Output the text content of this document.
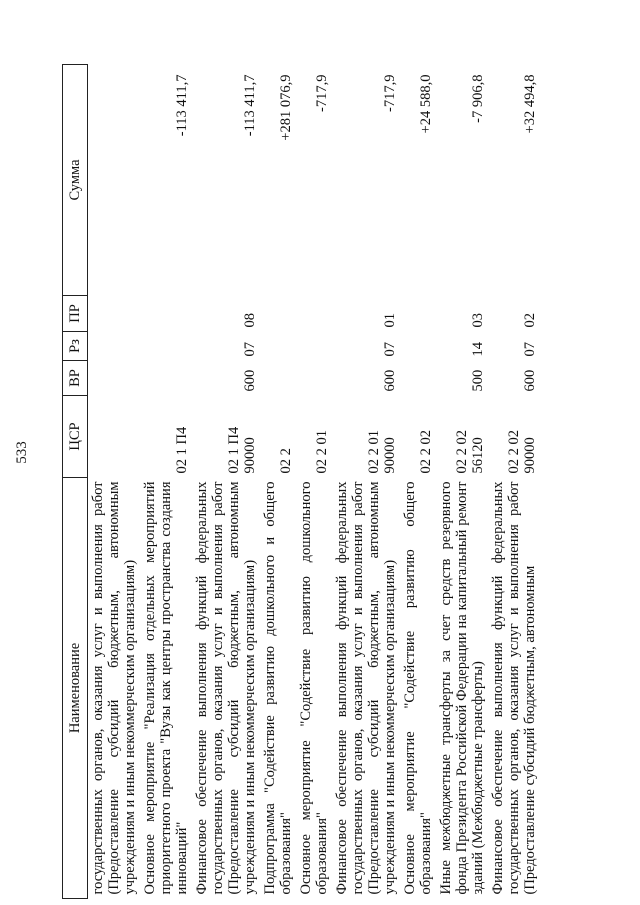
533
Наименование	ЦСР	ВР	Рз	ПР	Сумма
государственных органов, оказания услуг и выполнения работ (Предоставление субсидий бюджетным, автономным учреждениям и иным некоммерческим организациям)					
Основное мероприятие "Реализация отдельных мероприятий приоритетного проекта "Вузы как центры пространства создания инноваций"	02 1 П4				-113 411,7
Финансовое обеспечение выполнения функций федеральных государственных органов, оказания услуг и выполнения работ (Предоставление субсидий бюджетным, автономным учреждениям и иным некоммерческим организациям)	02 1 П4 90000	600	07	08	-113 411,7
Подпрограмма "Содействие развитию дошкольного и общего образования"	02 2				+281 076,9
Основное мероприятие "Содействие развитию дошкольного образования"	02 2 01				-717,9
Финансовое обеспечение выполнения функций федеральных государственных органов, оказания услуг и выполнения работ (Предоставление субсидий бюджетным, автономным учреждениям и иным некоммерческим организациям)	02 2 01 90000	600	07	01	-717,9
Основное мероприятие "Содействие развитию общего образования"	02 2 02				+24 588,0
Иные межбюджетные трансферты за счет средств резервного фонда Президента Российской Федерации на капитальный ремонт зданий (Межбюджетные трансферты)	02 2 02 56120	500	14	03	-7 906,8
Финансовое обеспечение выполнения функций федеральных государственных органов, оказания услуг и выполнения работ (Предоставление субсидий бюджетным, автономным	02 2 02 90000	600	07	02	+32 494,8
